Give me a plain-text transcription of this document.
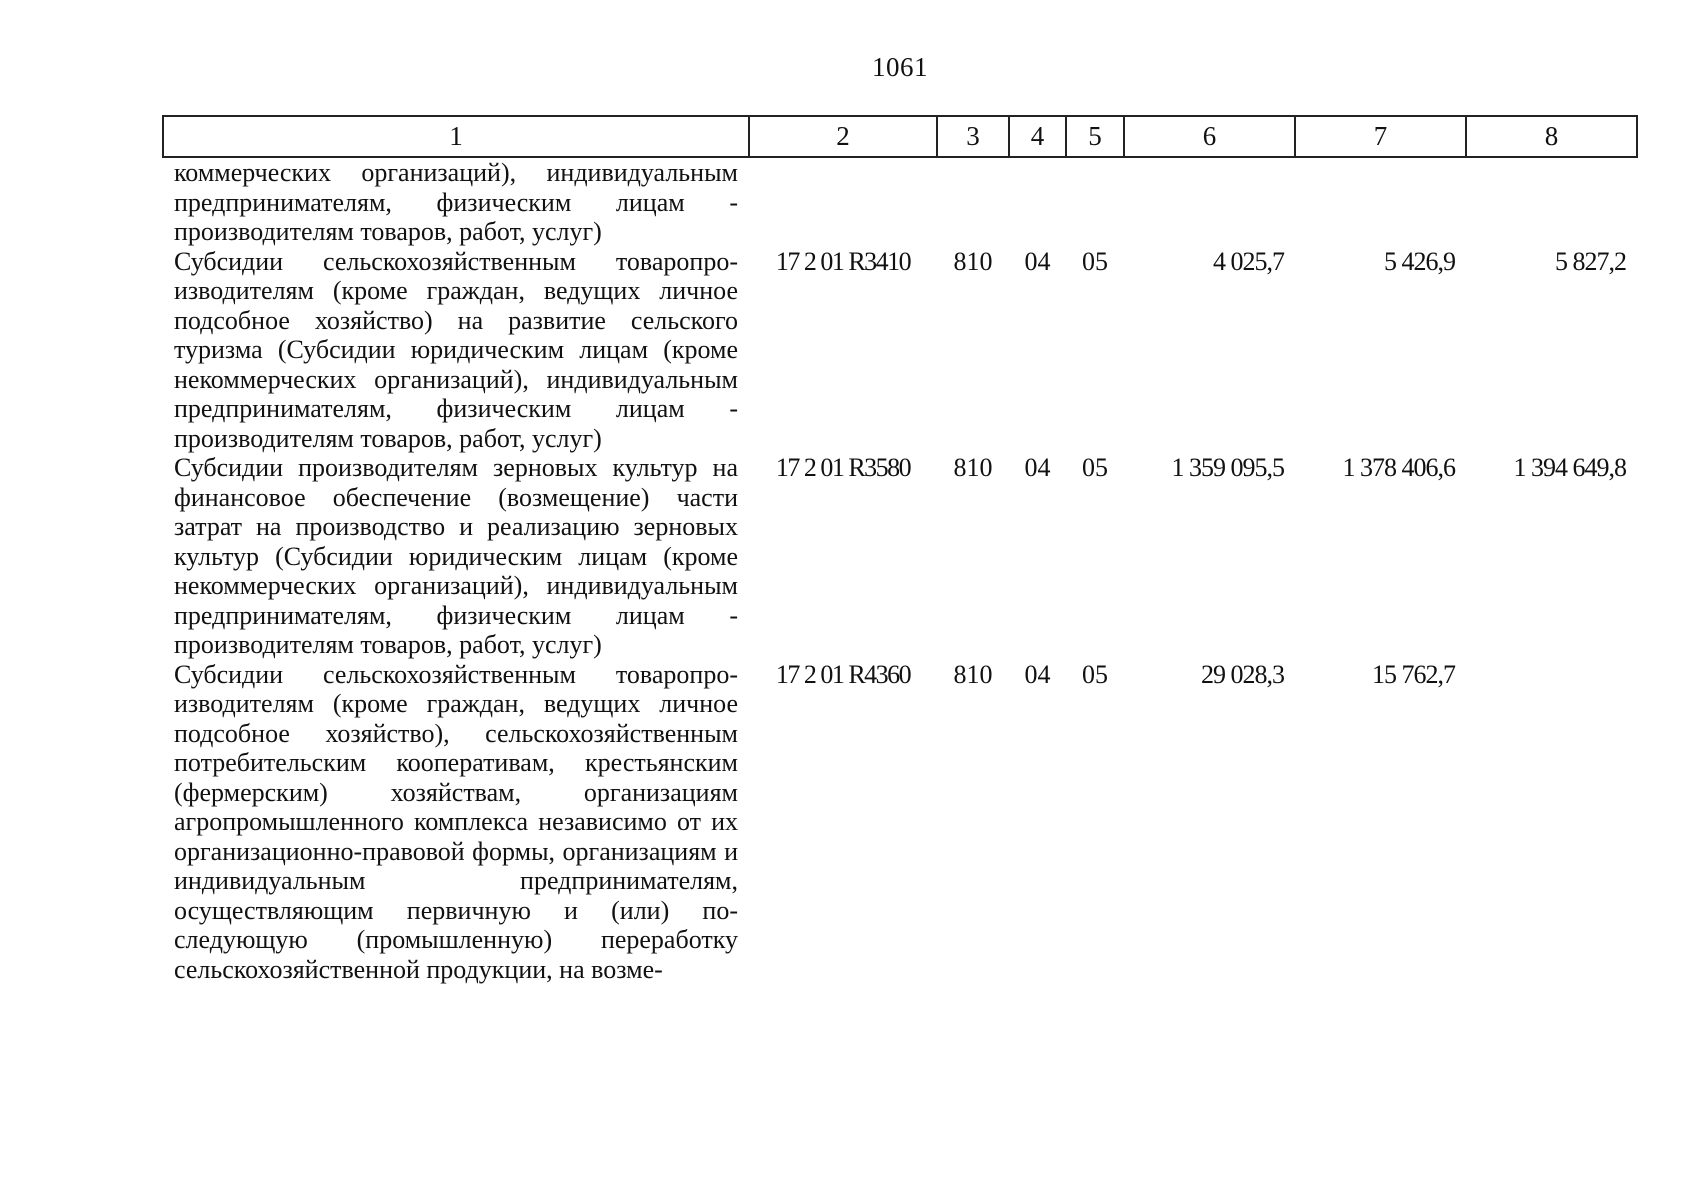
1061
1	2	3	4	5	6	7	8
коммерческих организаций), индивидуальным предпринимателям, физическим лицам - производителям товаров, работ, услуг)							
Субсидии сельскохозяйственным товаропроизводителям (кроме граждан, ведущих личное подсобное хозяйство) на развитие сельского туризма (Субсидии юридическим лицам (кроме некоммерческих организаций), индивидуальным предпринимателям, физическим лицам - производителям товаров, работ, услуг)	17 2 01 R3410	810	04	05	4 025,7	5 426,9	5 827,2
Субсидии производителям зерновых культур на финансовое обеспечение (возмещение) части затрат на производство и реализацию зерновых культур (Субсидии юридическим лицам (кроме некоммерческих организаций), индивидуальным предпринимателям, физическим лицам - производителям товаров, работ, услуг)	17 2 01 R3580	810	04	05	1 359 095,5	1 378 406,6	1 394 649,8
Субсидии сельскохозяйственным товаропроизводителям (кроме граждан, ведущих личное подсобное хозяйство), сельскохозяйственным потребительским кооперативам, крестьянским (фермерским) хозяйствам, организациям агропромышленного комплекса независимо от их организационно-правовой формы, организациям и индивидуальным предпринимателям, осуществляющим первичную и (или) последующую (промышленную) переработку сельскохозяйственной продукции, на возме-	17 2 01 R4360	810	04	05	29 028,3	15 762,7	
